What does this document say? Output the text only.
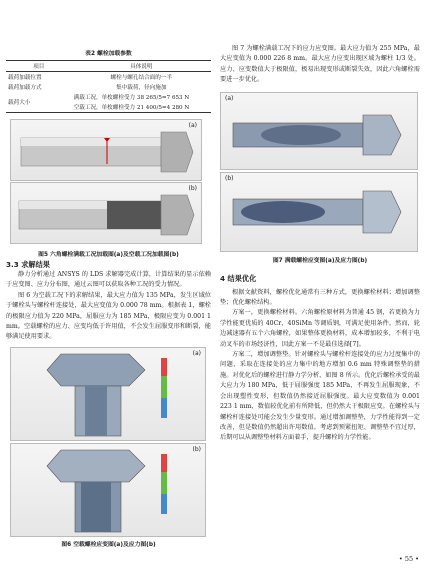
表2 螺栓加载参数
项目	具体说明
载荷加载位置	螺栓与螺孔结合面的一半
载荷加载方式	集中载荷，径向施加
载荷大小	满载工况，单枚螺栓受力 38 265/5=7 653 N
	空载工况，单枚螺栓受力 21 400/5=4 280 N
(a)
(b)
图5 六角螺栓满载工况加载图(a)及空载工况加载图(b)
3.3 求解结果

静力分析通过 ANSYS 的 LDS 求解器完成计算，计算结果的显示依赖于应变图、应力分布图，通过云图可以获取各种工况的受力情况。

图 6 为空载工况下的求解结果，最大应力值为 135 MPa，发生区域位于螺栓头与螺栓杆连接处，最大应变值为 0.000 78 mm。根据表 1，螺栓的极限应力值为 220 MPa，屈服应力为 185 MPa，极限应变为 0.001 1 mm。空载螺栓的应力、应变均低于许用值，不会发生屈服变形和断裂，能够满足使用要求。

(a)
(b)
图6 空载螺栓应变图(a)及应力图(b)

图 7 为螺栓满载工况下的应力应变图。最大应力值为 255 MPa，最大应变值为 0.000 226 8 mm。最大应力应变出现区域为螺柱 1/3 处。应力、应变数值大于极限值，极易出现变形或断裂失效，因此六角螺栓需要进一步优化。

(a)
(b)
图7 满载螺栓应变图(a)及应力图(b)
4 结果优化

根据文献资料，螺栓优化通常有三种方式，更换螺栓材料；增加调整垫；优化螺栓结构。

方案一，更换螺栓材料。六角螺栓原材料为普通 45 钢，若更换为力学性能更优质的 40Cr、40SiMn 等调质钢，可满足使用条件。然而，轮边减速器有五个六角螺栓，如果整体更换材料，成本增加较多，不利于电动叉车的市场经济性，因此方案一不是最佳选择[7]。

方案二，增加调整垫。针对螺栓头与螺栓杆连接处的应力过度集中的问题，采取在连接处的应力集中的地方增加 0.6 mm 特殊调整垫的措施。对优化后的螺栓进行静力学分析，如图 8 所示。优化后螺栓承受的最大应力为 180 MPa，低于屈服强度 185 MPa，不再发生屈服现象，不会出现塑性变形，但数值仍然接近屈服强度。最大应变数值为 0.001 223 1 mm，数值较优化前有所降低，但仍然大于极限应变。在螺栓头与螺栓杆连接处可能会发生少量变形。通过增加调整垫，力学性能得到一定改善，但是数值仍然超出许用数值。考虑到预紧扭矩、调整垫不宜过厚，后期可以从调整垫材料方面着手，提升螺栓的力学性能。

• 55 •
